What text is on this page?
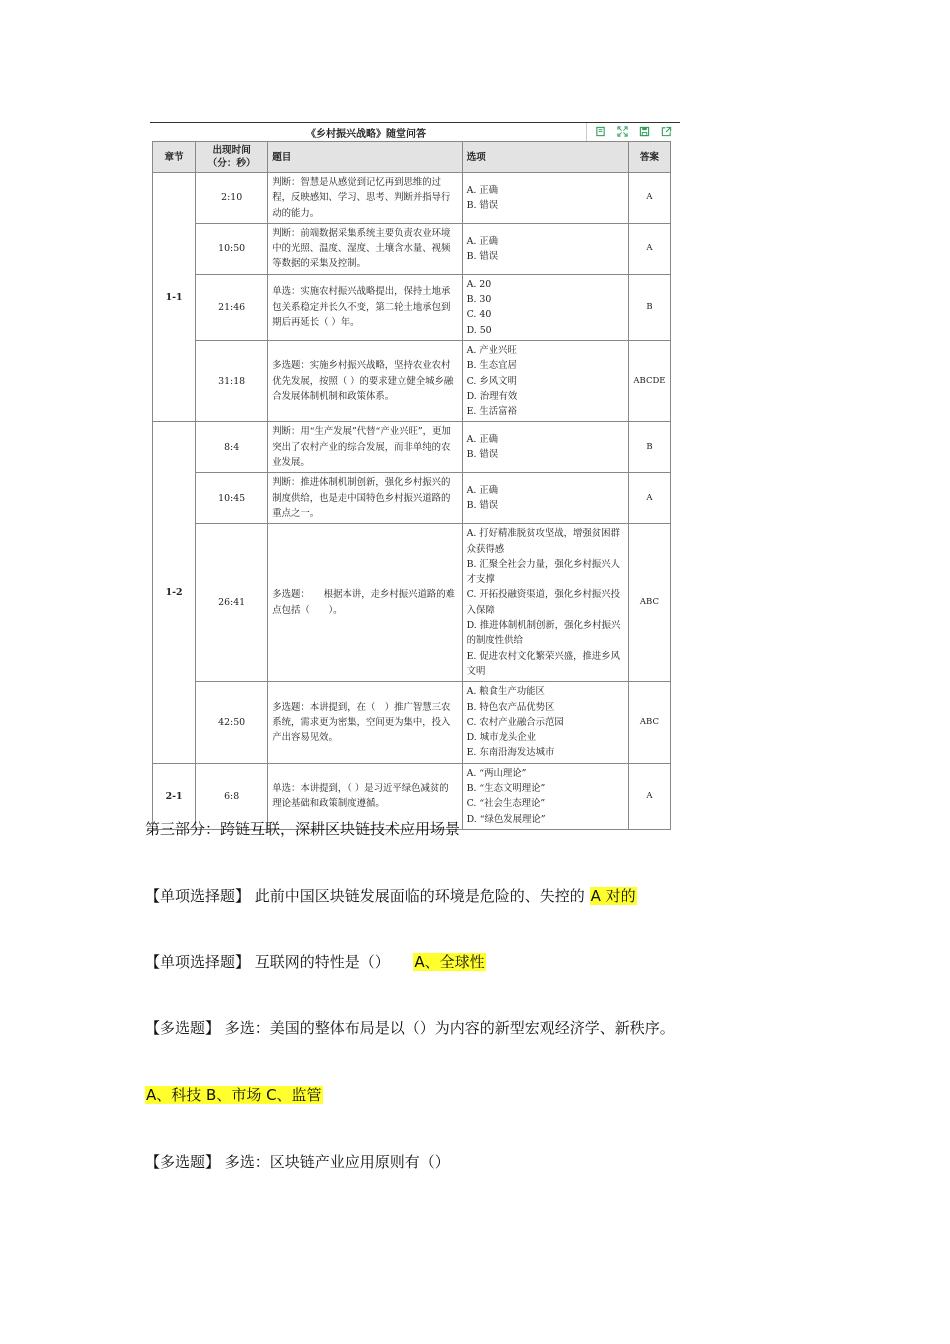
《乡村振兴战略》随堂问答
章节	出现时间
（分：秒）	题目	选项	答案
1-1	2:10	判断：智慧是从感觉到记忆再到思维的过程，反映感知、学习、思考、判断并指导行动的能力。	A. 正确
B. 错误	A
	10:50	判断：前端数据采集系统主要负责农业环境中的光照、温度、湿度、土壤含水量、视频等数据的采集及控制。	A. 正确
B. 错误	A
	21:46	单选：实施农村振兴战略提出，保持土地承包关系稳定并长久不变，第二轮土地承包到期后再延长（ ）年。	A. 20
B. 30
C. 40
D. 50	B
	31:18	多选题：实施乡村振兴战略，坚持农业农村优先发展，按照（ ）的要求建立健全城乡融合发展体制机制和政策体系。	A. 产业兴旺
B. 生态宜居
C. 乡风文明
D. 治理有效
E. 生活富裕	ABCDE
1-2	8:4	判断：用“生产发展”代替“产业兴旺”，更加突出了农村产业的综合发展，而非单纯的农业发展。	A. 正确
B. 错误	B
	10:45	判断：推进体制机制创新，强化乡村振兴的制度供给，也是走中国特色乡村振兴道路的重点之一。	A. 正确
B. 错误	A
	26:41	多选题：　　根据本讲，走乡村振兴道路的难点包括（　　）。	A. 打好精准脱贫攻坚战，增强贫困群众获得感
B. 汇聚全社会力量，强化乡村振兴人才支撑
C. 开拓投融资渠道，强化乡村振兴投入保障
D. 推进体制机制创新，强化乡村振兴的制度性供给
E. 促进农村文化繁荣兴盛，推进乡风文明	ABC
	42:50	多选题：本讲提到，在（　）推广智慧三农系统，需求更为密集，空间更为集中，投入产出容易见效。	A. 粮食生产功能区
B. 特色农产品优势区
C. 农村产业融合示范园
D. 城市龙头企业
E. 东南沿海发达城市	ABC
2-1	6:8	单选：本讲提到，（ ）是习近平绿色减贫的理论基础和政策制度遵循。	A. “两山理论”
B. “生态文明理论”
C. “社会生态理论”
D. “绿色发展理论”	A
第三部分：跨链互联，深耕区块链技术应用场景
【单项选择题】 此前中国区块链发展面临的环境是危险的、失控的 A 对的
【单项选择题】 互联网的特性是（） A、全球性
【多选题】 多选：美国的整体布局是以（）为内容的新型宏观经济学、新秩序。
A、科技 B、市场 C、监管
【多选题】 多选：区块链产业应用原则有（）
